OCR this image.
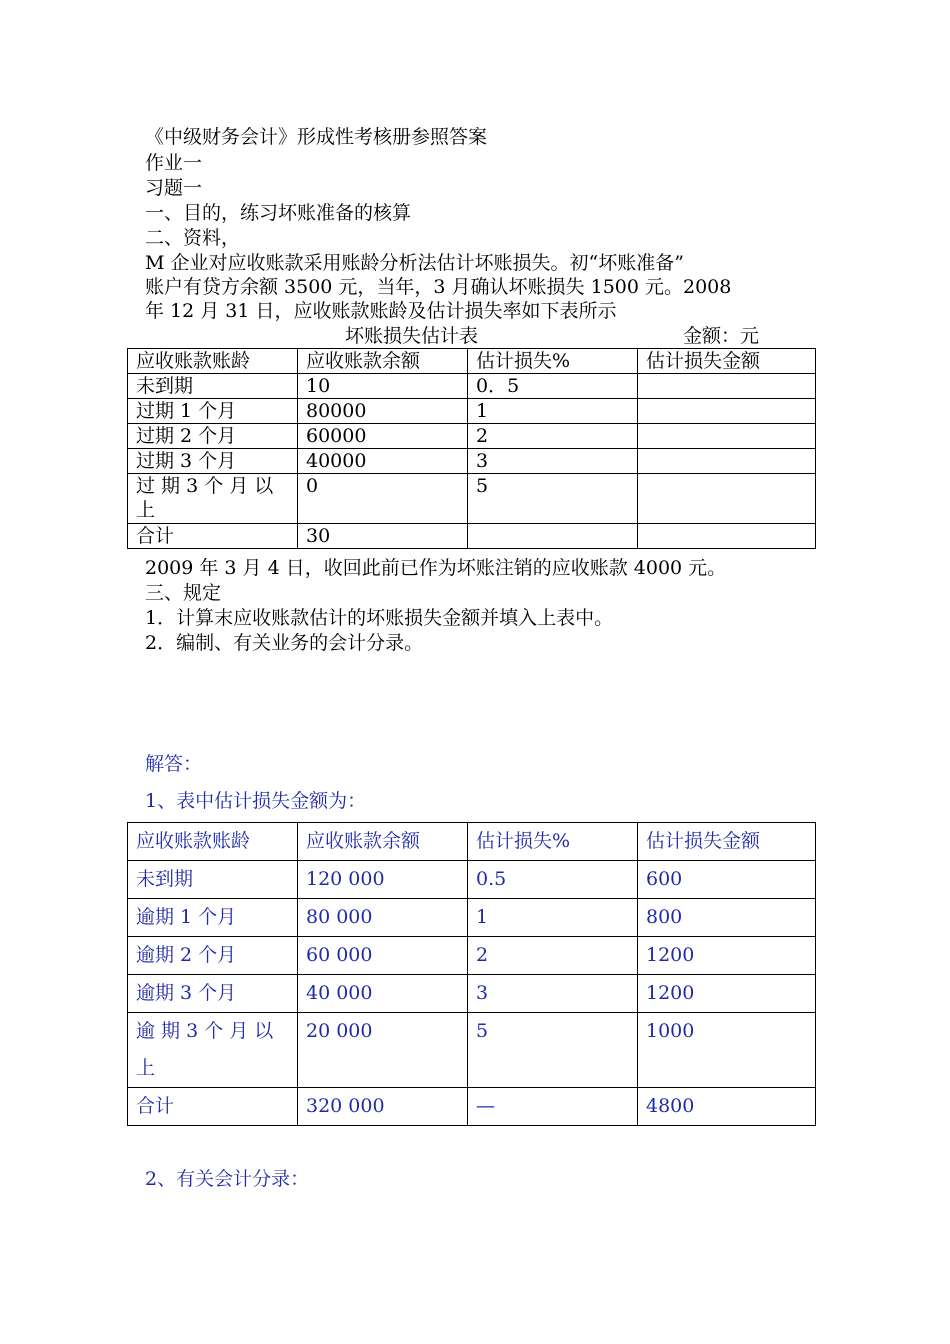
《中级财务会计》形成性考核册参照答案
作业一
习题一
一、目的，练习坏账准备的核算
二、资料，
M 企业对应收账款采用账龄分析法估计坏账损失。初“坏账准备”
账户有贷方余额 3500 元，当年，3 月确认坏账损失 1500 元。2008
年 12 月 31 日，应收账款账龄及估计损失率如下表所示
坏账损失估计表	金额：元
应收账款账龄	应收账款余额	估计损失%	估计损失金额
未到期	10	0．5	
过期 1 个月	80000	1	
过期 2 个月	60000	2	
过期 3 个月	40000	3	
过 期 3 个 月 以 上	0	5	
合计	30		
2009 年 3 月 4 日，收回此前已作为坏账注销的应收账款 4000 元。
三、规定
1．计算末应收账款估计的坏账损失金额并填入上表中。
2．编制、有关业务的会计分录。
解答：
1、表中估计损失金额为：
应收账款账龄	应收账款余额	估计损失%	估计损失金额
未到期	120 000	0.5	600
逾期 1 个月	80 000	1	800
逾期 2 个月	60 000	2	1200
逾期 3 个月	40 000	3	1200
逾 期 3 个 月 以 上	20 000	5	1000
合计	320 000	—	4800
2、有关会计分录：
